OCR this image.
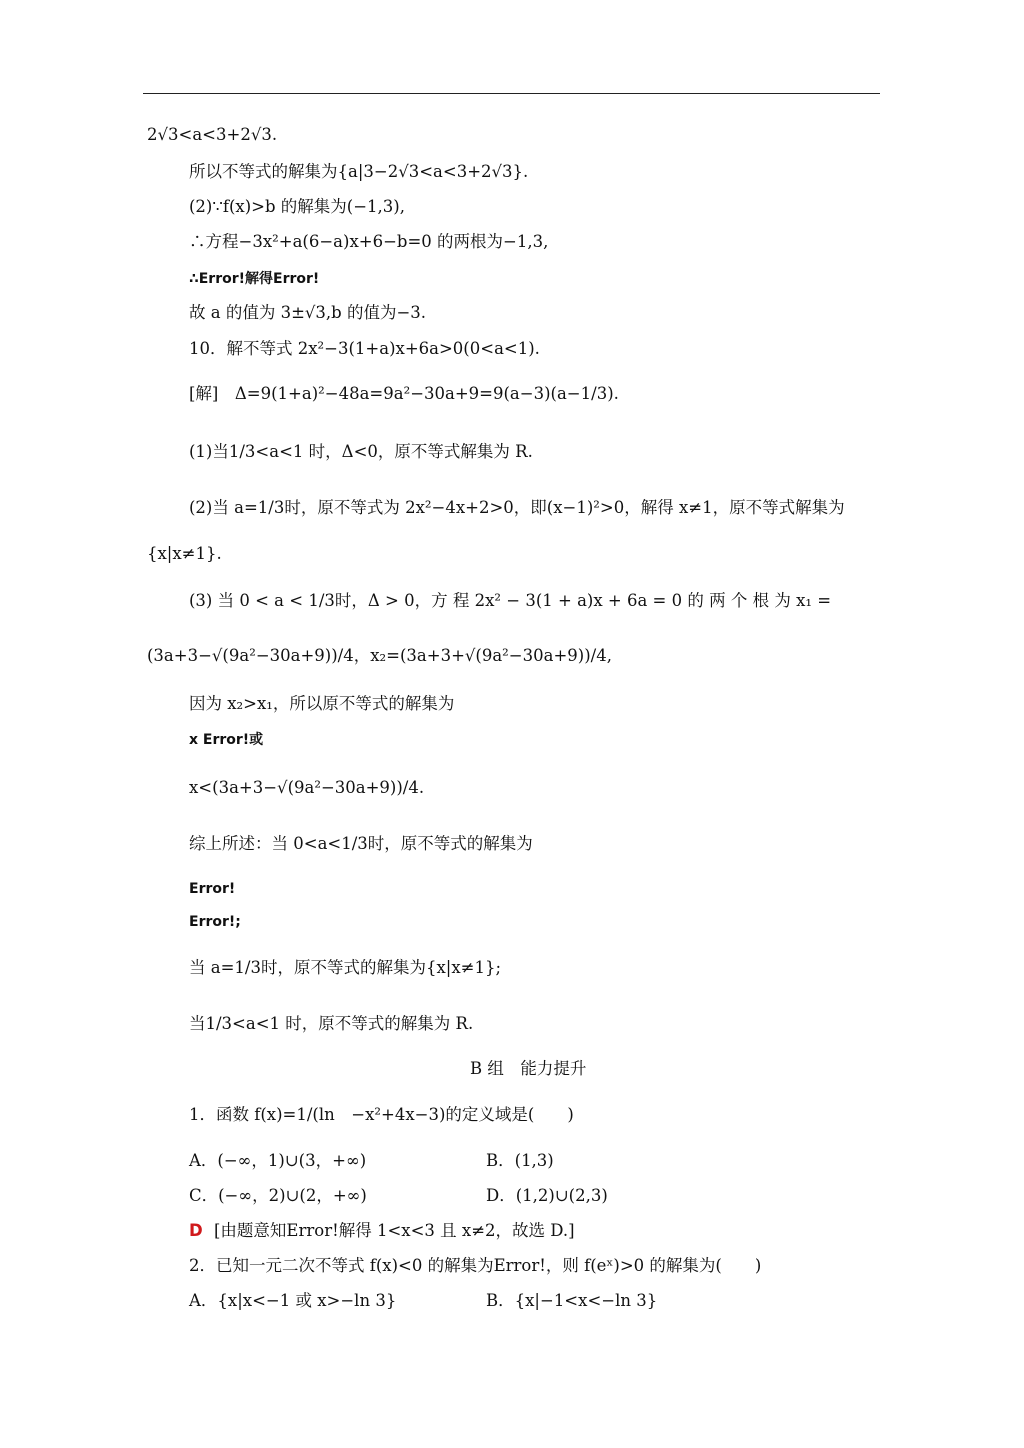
2√3<a<3+2√3.
所以不等式的解集为{a|3−2√3<a<3+2√3}.
(2)∵f(x)>b 的解集为(−1,3),
∴方程−3x²+a(6−a)x+6−b=0 的两根为−1,3,
∴Error!解得Error!
故 a 的值为 3±√3,b 的值为−3.
10．解不等式 2x²−3(1+a)x+6a>0(0<a<1).
[解]　Δ=9(1+a)²−48a=9a²−30a+9=9(a−3)(a−1/3).
(1)当1/3<a<1 时，Δ<0，原不等式解集为 R.
(2)当 a=1/3时，原不等式为 2x²−4x+2>0，即(x−1)²>0，解得 x≠1，原不等式解集为
{x|x≠1}.
(3) 当 0 < a < 1/3时，Δ > 0，方 程 2x² − 3(1 + a)x + 6a = 0 的 两 个 根 为 x₁ =
(3a+3−√(9a²−30a+9))/4，x₂=(3a+3+√(9a²−30a+9))/4,
因为 x₂>x₁，所以原不等式的解集为
x Error!或
x<(3a+3−√(9a²−30a+9))/4.
综上所述：当 0<a<1/3时，原不等式的解集为
Error!
Error!;
当 a=1/3时，原不等式的解集为{x|x≠1};
当1/3<a<1 时，原不等式的解集为 R.
B 组　能力提升
1．函数 f(x)=1/(ln　−x²+4x−3)的定义域是(　　)
A．(−∞，1)∪(3，+∞)	B．(1,3)
C．(−∞，2)∪(2，+∞)	D．(1,2)∪(2,3)
D [由题意知Error!解得 1<x<3 且 x≠2，故选 D.]
2．已知一元二次不等式 f(x)<0 的解集为Error!，则 f(eˣ)>0 的解集为(　　)
A．{x|x<−1 或 x>−ln 3}	B．{x|−1<x<−ln 3}
